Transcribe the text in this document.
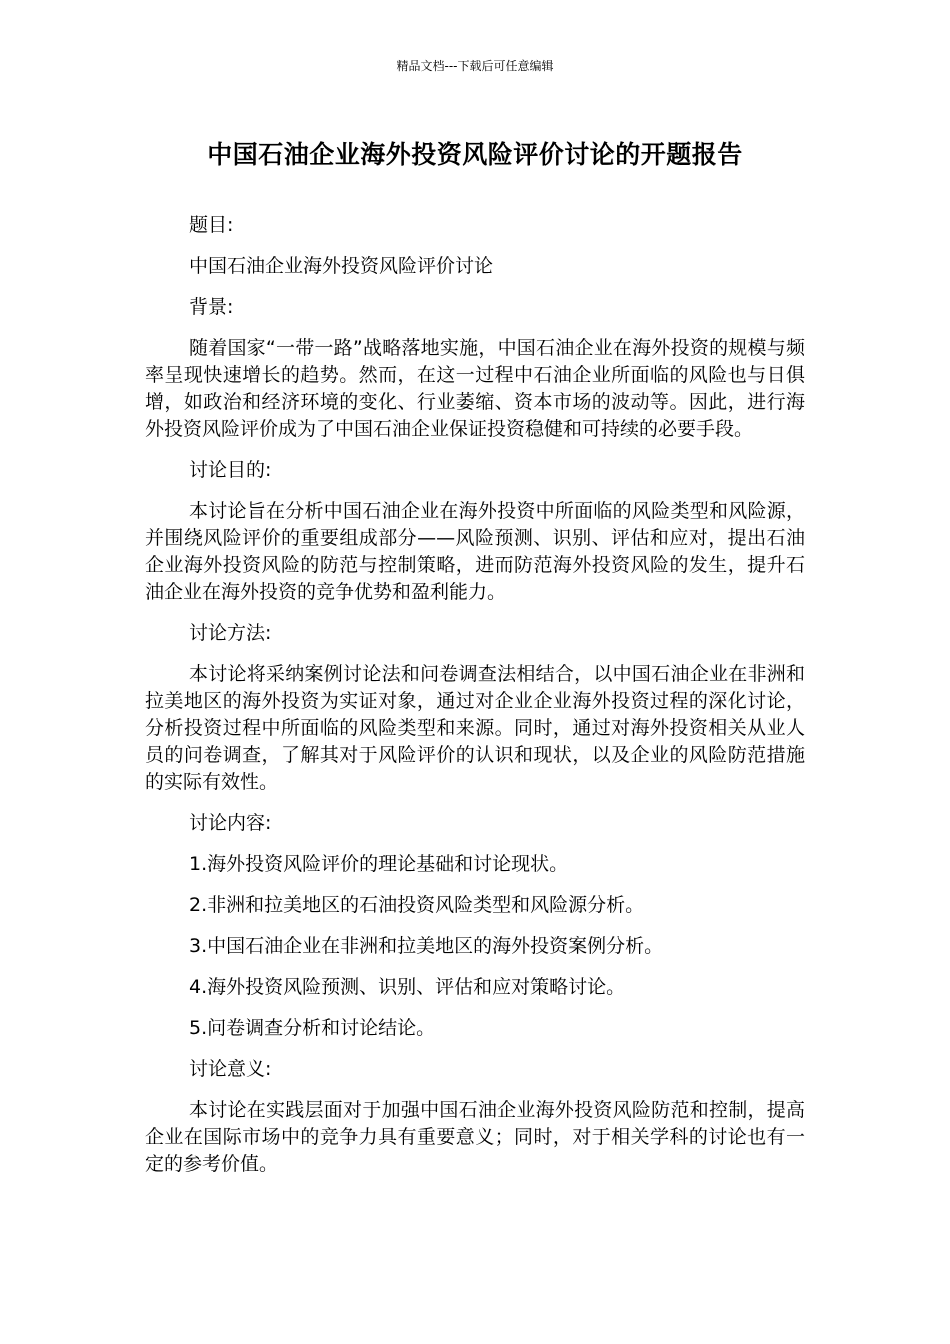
精品文档---下载后可任意编辑
中国石油企业海外投资风险评价讨论的开题报告

题目:

中国石油企业海外投资风险评价讨论

背景:

随着国家“一带一路”战略落地实施，中国石油企业在海外投资的规模与频率呈现快速增长的趋势。然而，在这一过程中石油企业所面临的风险也与日俱增，如政治和经济环境的变化、行业萎缩、资本市场的波动等。因此，进行海外投资风险评价成为了中国石油企业保证投资稳健和可持续的必要手段。

讨论目的:

本讨论旨在分析中国石油企业在海外投资中所面临的风险类型和风险源，并围绕风险评价的重要组成部分——风险预测、识别、评估和应对，提出石油企业海外投资风险的防范与控制策略，进而防范海外投资风险的发生，提升石油企业在海外投资的竞争优势和盈利能力。

讨论方法:

本讨论将采纳案例讨论法和问卷调查法相结合，以中国石油企业在非洲和拉美地区的海外投资为实证对象，通过对企业企业海外投资过程的深化讨论，分析投资过程中所面临的风险类型和来源。同时，通过对海外投资相关从业人员的问卷调查，了解其对于风险评价的认识和现状，以及企业的风险防范措施的实际有效性。

讨论内容:

1.海外投资风险评价的理论基础和讨论现状。

2.非洲和拉美地区的石油投资风险类型和风险源分析。

3.中国石油企业在非洲和拉美地区的海外投资案例分析。

4.海外投资风险预测、识别、评估和应对策略讨论。

5.问卷调查分析和讨论结论。

讨论意义:

本讨论在实践层面对于加强中国石油企业海外投资风险防范和控制，提高企业在国际市场中的竞争力具有重要意义；同时，对于相关学科的讨论也有一定的参考价值。
